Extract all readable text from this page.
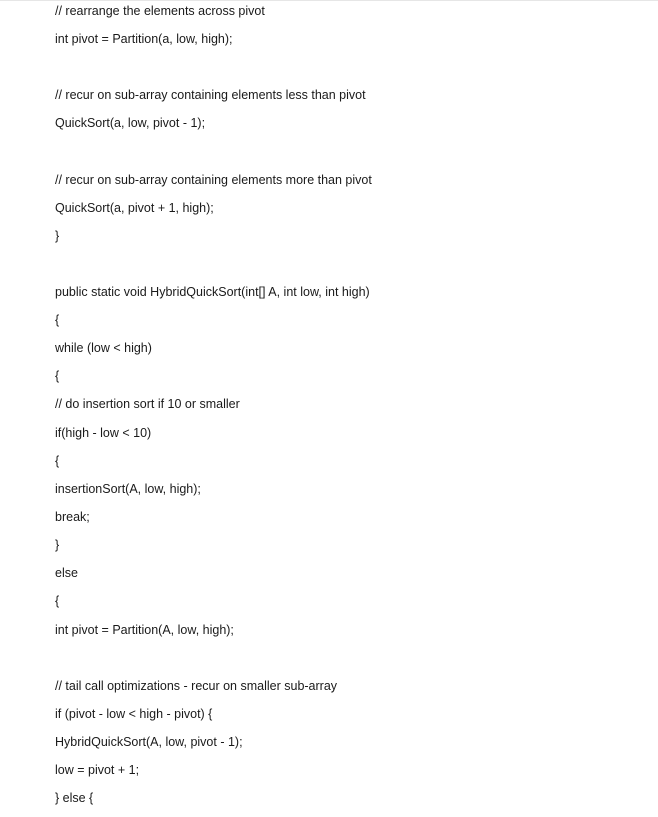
// rearrange the elements across pivot
int pivot = Partition(a, low, high);
// recur on sub-array containing elements less than pivot
QuickSort(a, low, pivot - 1);
// recur on sub-array containing elements more than pivot
QuickSort(a, pivot + 1, high);
}
public static void HybridQuickSort(int[] A, int low, int high)
{
while (low < high)
{
// do insertion sort if 10 or smaller
if(high - low < 10)
{
insertionSort(A, low, high);
break;
}
else
{
int pivot = Partition(A, low, high);
// tail call optimizations - recur on smaller sub-array
if (pivot - low < high - pivot) {
HybridQuickSort(A, low, pivot - 1);
low = pivot + 1;
} else {
